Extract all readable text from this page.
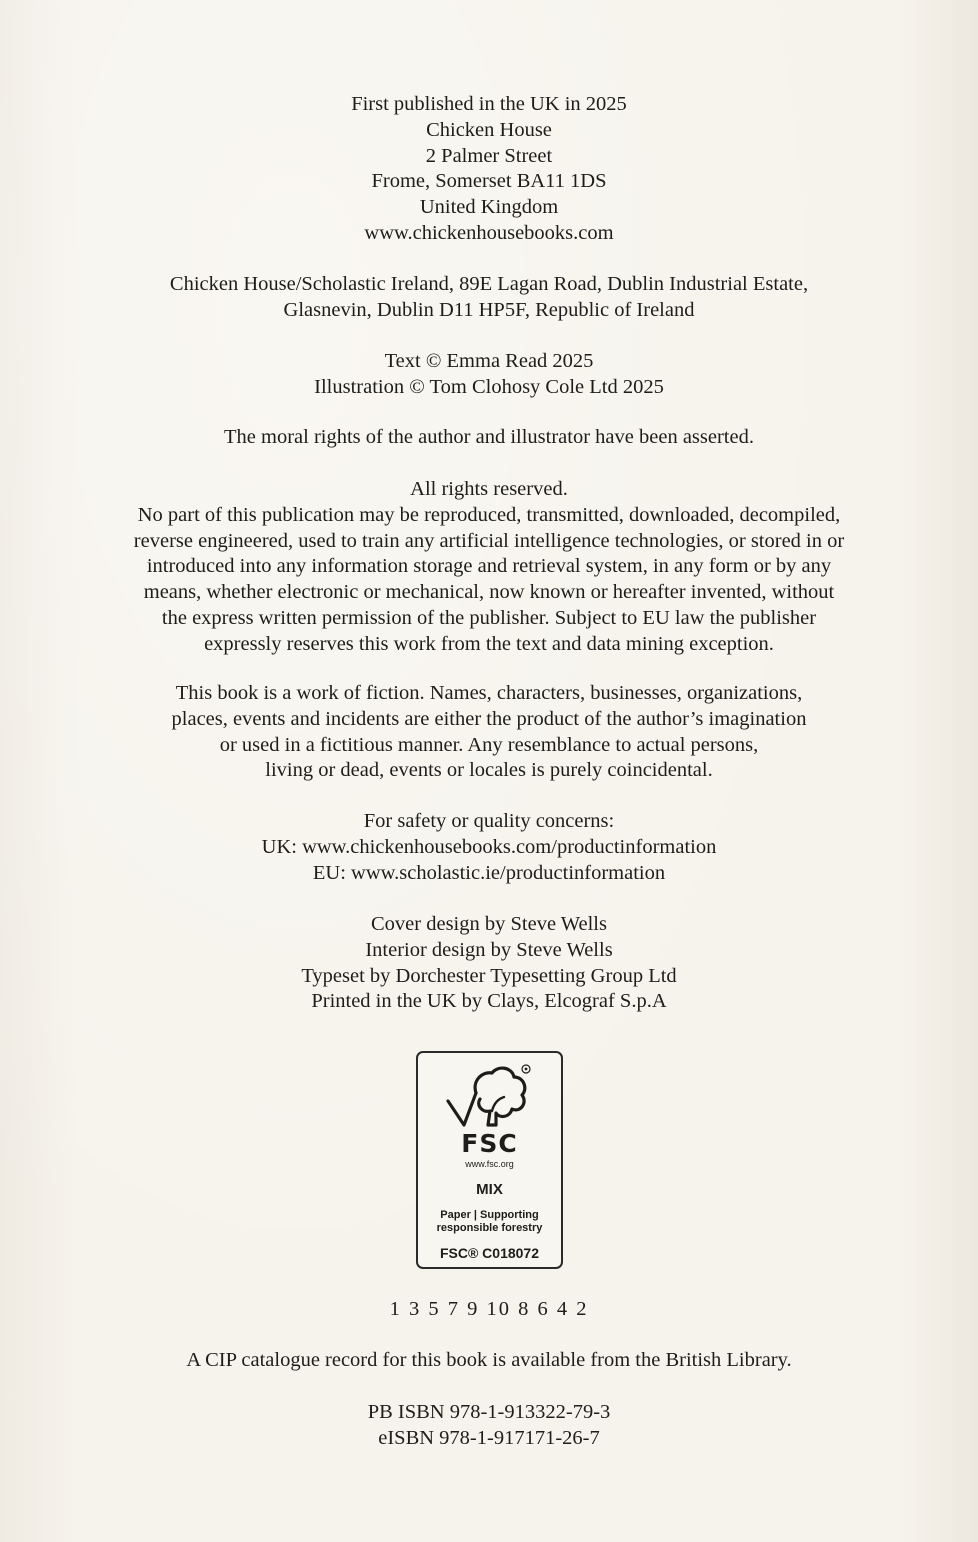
First published in the UK in 2025
Chicken House
2 Palmer Street
Frome, Somerset BA11 1DS
United Kingdom
www.chickenhousebooks.com
Chicken House/Scholastic Ireland, 89E Lagan Road, Dublin Industrial Estate,
Glasnevin, Dublin D11 HP5F, Republic of Ireland
Text © Emma Read 2025
Illustration © Tom Clohosy Cole Ltd 2025
The moral rights of the author and illustrator have been asserted.
All rights reserved.
No part of this publication may be reproduced, transmitted, downloaded, decompiled,
reverse engineered, used to train any artificial intelligence technologies, or stored in or
introduced into any information storage and retrieval system, in any form or by any
means, whether electronic or mechanical, now known or hereafter invented, without
the express written permission of the publisher. Subject to EU law the publisher
expressly reserves this work from the text and data mining exception.
This book is a work of fiction. Names, characters, businesses, organizations,
places, events and incidents are either the product of the author’s imagination
or used in a fictitious manner. Any resemblance to actual persons,
living or dead, events or locales is purely coincidental.
For safety or quality concerns:
UK: www.chickenhousebooks.com/productinformation
EU: www.scholastic.ie/productinformation
Cover design by Steve Wells
Interior design by Steve Wells
Typeset by Dorchester Typesetting Group Ltd
Printed in the UK by Clays, Elcograf S.p.A
FSC
www.fsc.org
MIX
Paper | Supporting
responsible forestry
FSC® C018072
1 3 5 7 9 10 8 6 4 2
A CIP catalogue record for this book is available from the British Library.
PB ISBN 978-1-913322-79-3
eISBN 978-1-917171-26-7
